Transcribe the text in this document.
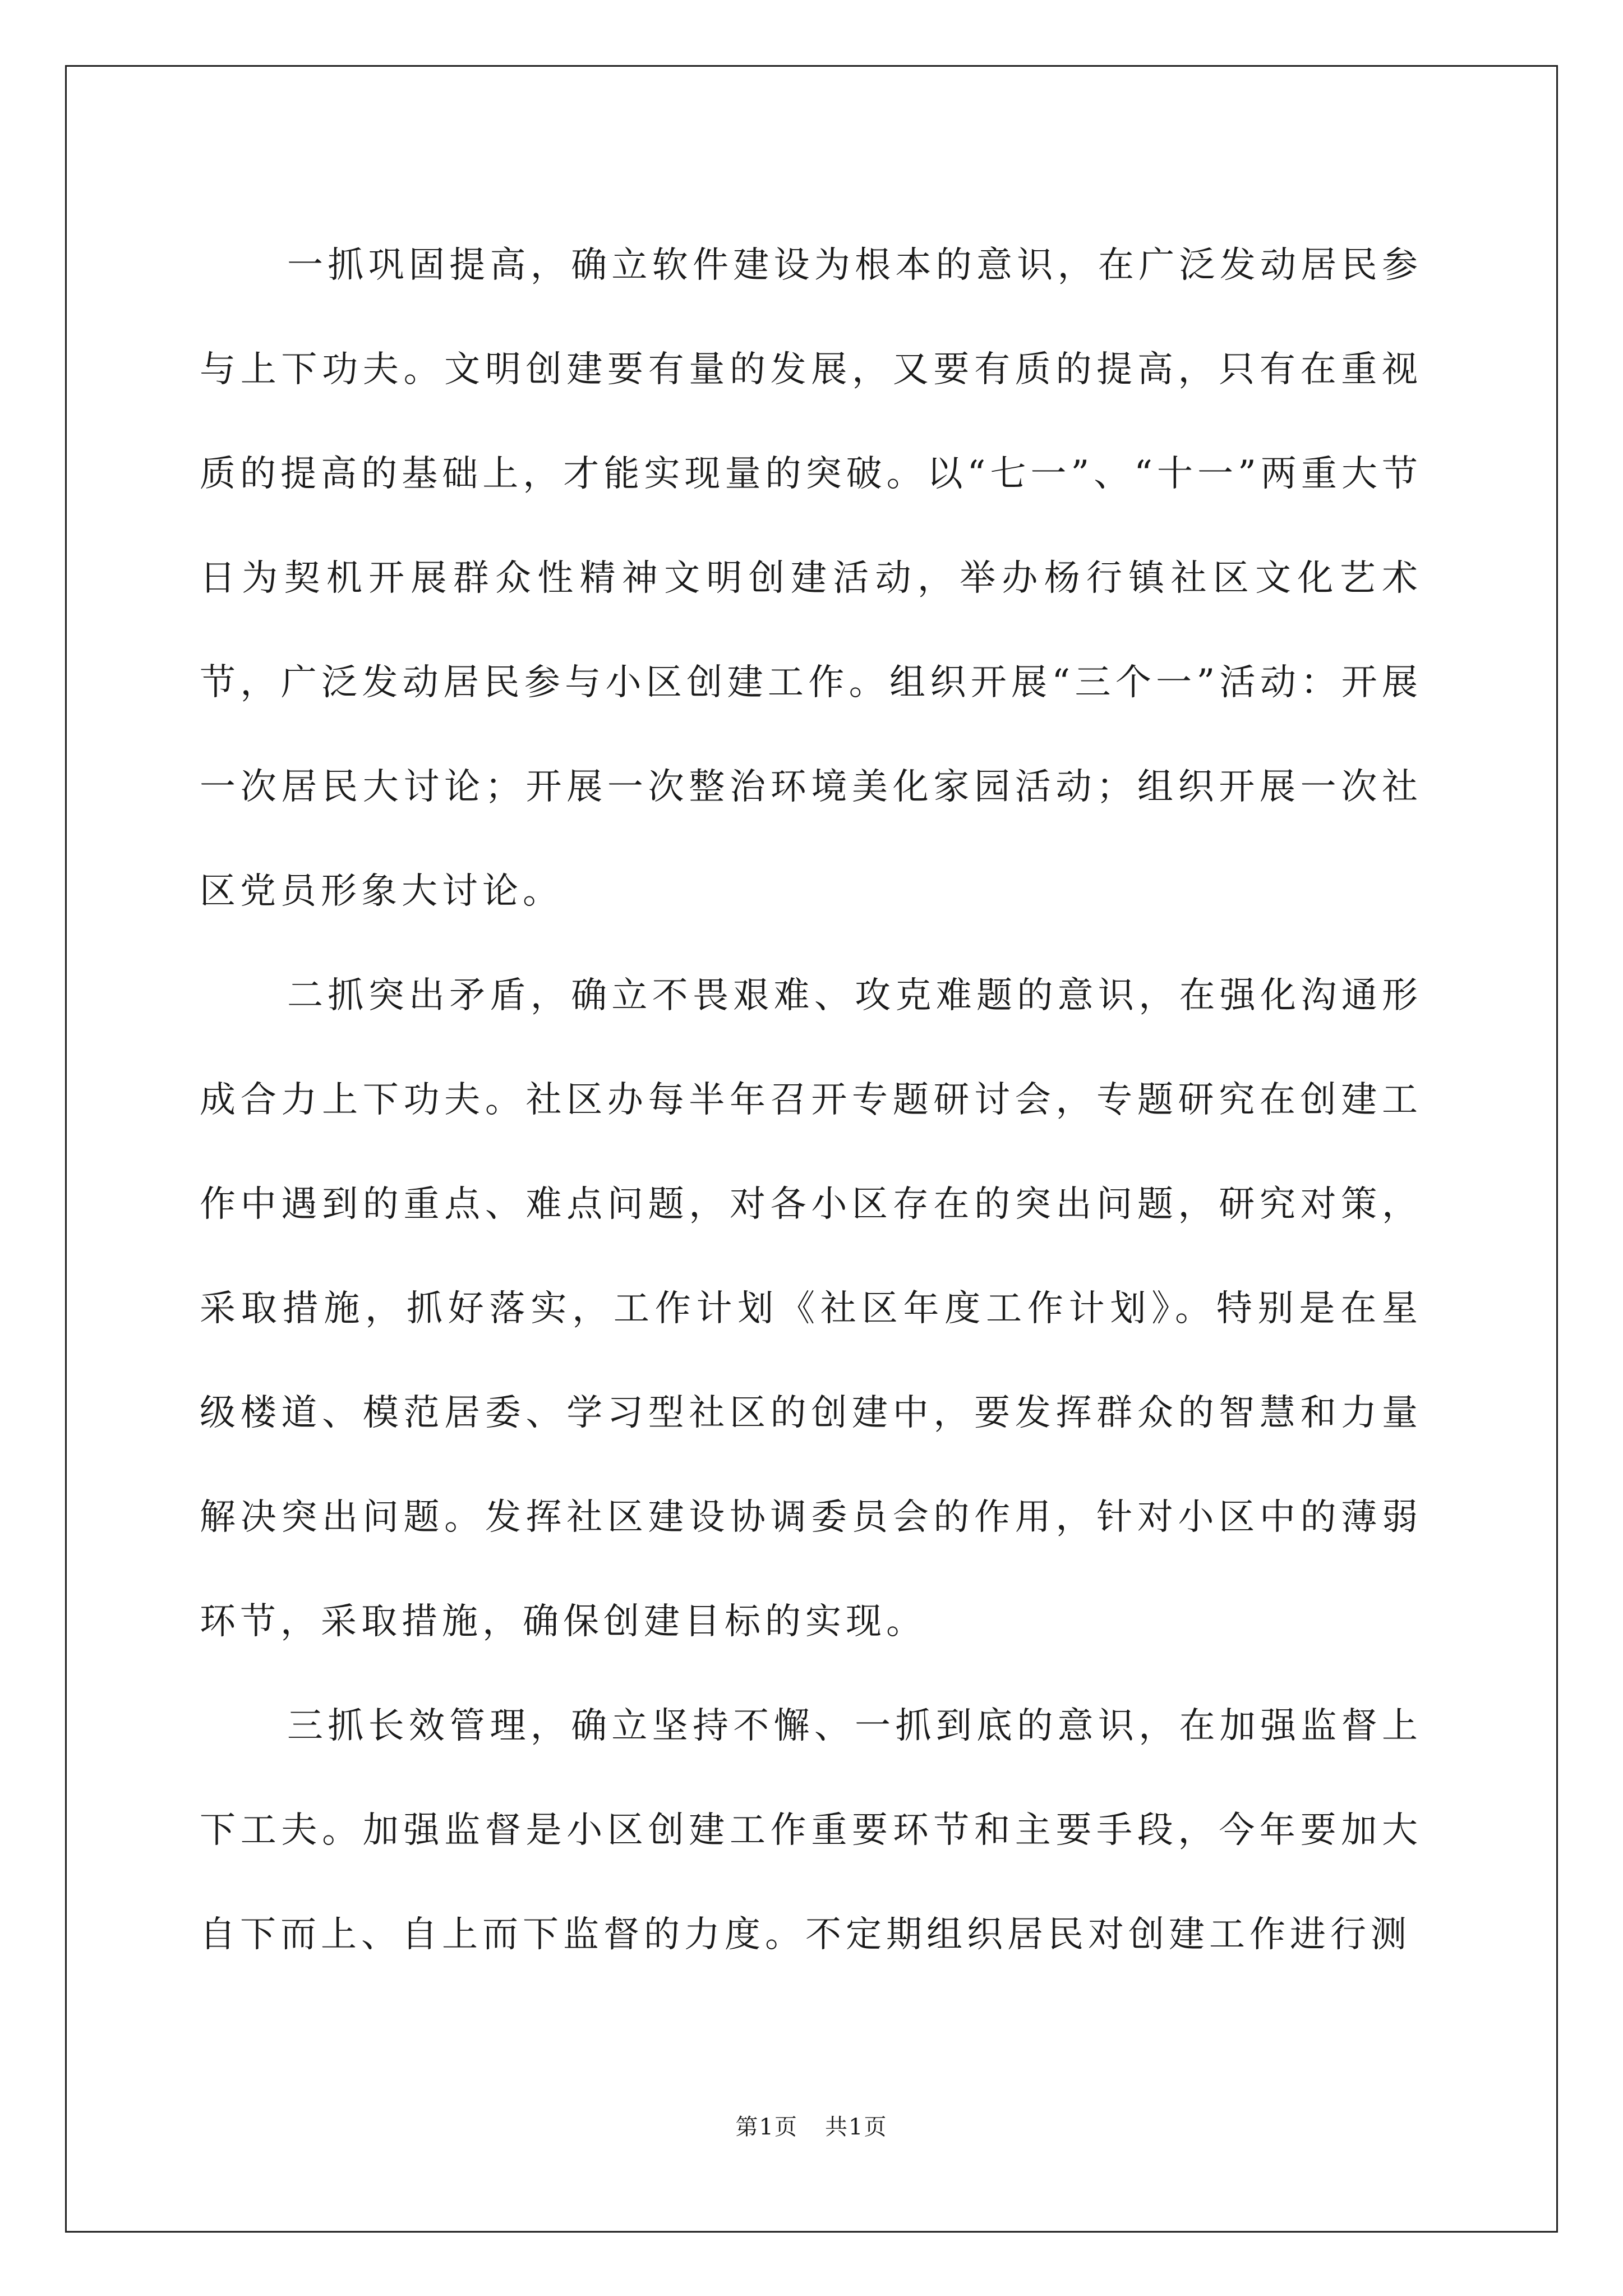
一抓巩固提高，确立软件建设为根本的意识，在广泛发动居民参与上下功夫。文明创建要有量的发展，又要有质的提高，只有在重视质的提高的基础上，才能实现量的突破。以“七一”、“十一”两重大节日为契机开展群众性精神文明创建活动，举办杨行镇社区文化艺术节，广泛发动居民参与小区创建工作。组织开展“三个一”活动：开展一次居民大讨论；开展一次整治环境美化家园活动；组织开展一次社区党员形象大讨论。

二抓突出矛盾，确立不畏艰难、攻克难题的意识，在强化沟通形成合力上下功夫。社区办每半年召开专题研讨会，专题研究在创建工作中遇到的重点、难点问题，对各小区存在的突出问题，研究对策，采取措施，抓好落实，工作计划《社区年度工作计划》。特别是在星级楼道、模范居委、学习型社区的创建中，要发挥群众的智慧和力量解决突出问题。发挥社区建设协调委员会的作用，针对小区中的薄弱环节，采取措施，确保创建目标的实现。

三抓长效管理，确立坚持不懈、一抓到底的意识，在加强监督上下工夫。加强监督是小区创建工作重要环节和主要手段，今年要加大自下而上、自上而下监督的力度。不定期组织居民对创建工作进行测

第1页 共1页
